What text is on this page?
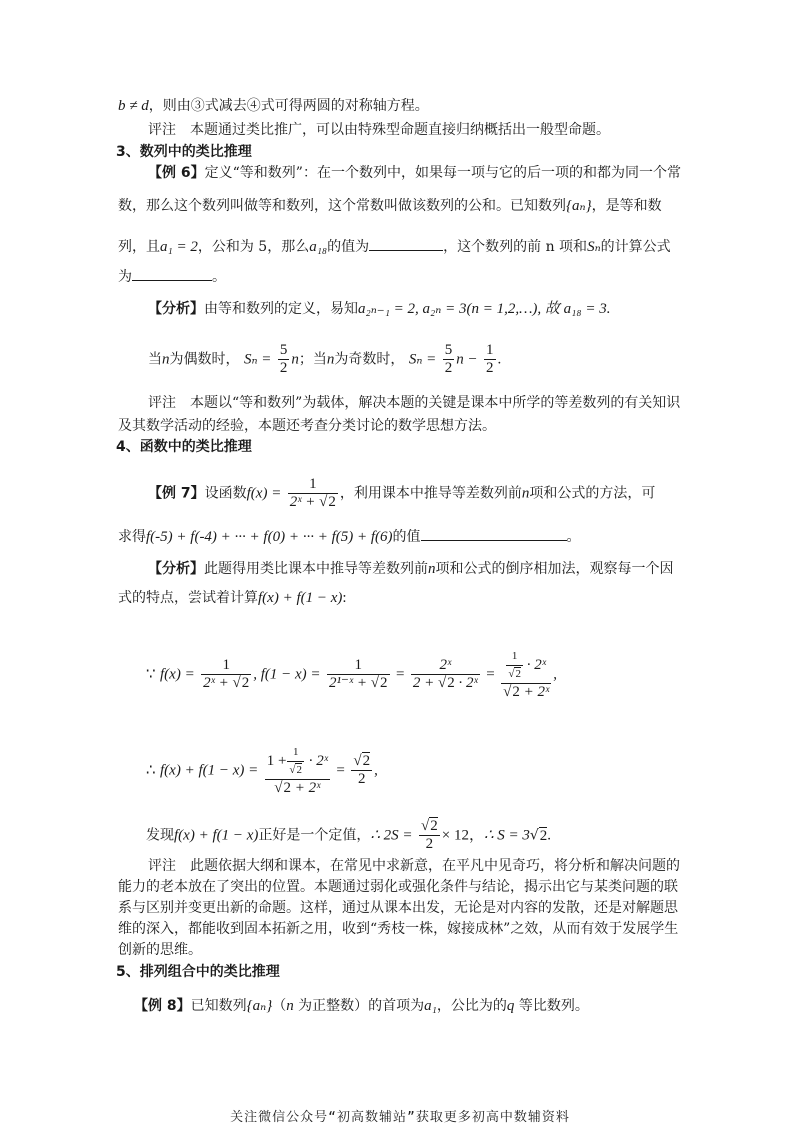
b ≠ d，则由③式减去④式可得两圆的对称轴方程。
评注　本题通过类比推广，可以由特殊型命题直接归纳概括出一般型命题。
3、数列中的类比推理
【例 6】定义“等和数列”：在一个数列中，如果每一项与它的后一项的和都为同一个常
数，那么这个数列叫做等和数列，这个常数叫做该数列的公和。已知数列{aₙ}，是等和数
列，且a₁ = 2，公和为 5，那么a₁₈的值为	，这个数列的前 n 项和Sₙ的计算公式
为	。
【分析】由等和数列的定义，易知a₂ₙ₋₁ = 2, a₂ₙ = 3(n = 1,2,…), 故 a₁₈ = 3.
当n为偶数时， $S_n = \frac{5}{2}$ n；当n为奇数时， $S_n = \frac{5}{2}$ $n - \frac{1}{2}$ .
评注　本题以“等和数列”为载体，解决本题的关键是课本中所学的等差数列的有关知识
及其数学活动的经验，本题还考查分类讨论的数学思想方法。
4、函数中的类比推理
【例 7】设函数$f(x) = \frac{1}{\text{2ˣ + √2}}$ ，利用课本中推导等差数列前n项和公式的方法，可
求得f(-5) + f(-4) + ··· + f(0) + ··· + f(5) + f(6)的值	。
【分析】此题得用类比课本中推导等差数列前n项和公式的倒序相加法，观察每一个因
式的特点，尝试着计算f(x) + f(1 − x):
∵ $f(x) = \frac{1}{\text{2ˣ + √2}}$ , $f(1 - x) = \frac{1}{\text{2¹⁻ˣ + √2}} = \frac{\text{2ˣ}}{\text{2 + √2 · 2ˣ}} = \frac{\frac{1}{√2} \cdot 2ˣ}{\text{√2 + 2ˣ}}$ ,
∴ $f(x) + f(1 - x) = \frac{1 + \frac{1}{√2} \cdot 2ˣ}{\text{√2 + 2ˣ}} = \frac{√2}{2}$ ,
发现f(x) + f(1 − x)正好是一个定值，∴ $2S = \frac{√2}{2} \times 12$，∴ S = 3√2.
评注　此题依据大纲和课本，在常见中求新意，在平凡中见奇巧，将分析和解决问题的
能力的老本放在了突出的位置。本题通过弱化或强化条件与结论，揭示出它与某类问题的联
系与区别并变更出新的命题。这样，通过从课本出发，无论是对内容的发散，还是对解题思
维的深入，都能收到固本拓新之用，收到“秀枝一株，嫁接成林”之效，从而有效于发展学生
创新的思维。
5、排列组合中的类比推理
【例 8】已知数列{aₙ}（n 为正整数）的首项为a₁，公比为的q 等比数列。
关注微信公众号“初高数辅站”获取更多初高中数辅资料
